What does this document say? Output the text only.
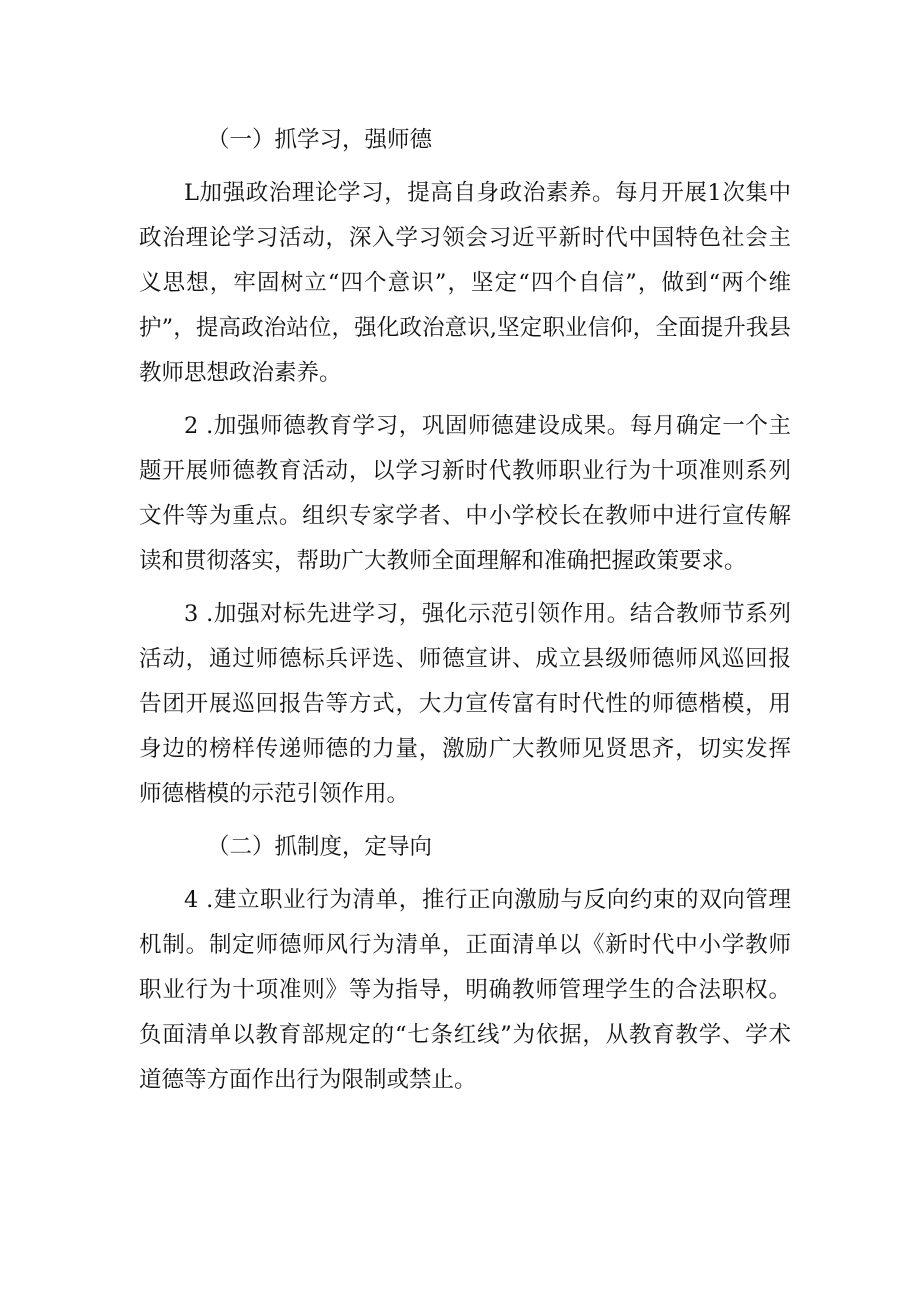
（一）抓学习，强师德

L加强政治理论学习，提高自身政治素养。每月开展1次集中政治理论学习活动，深入学习领会习近平新时代中国特色社会主义思想，牢固树立“四个意识”，坚定“四个自信”，做到“两个维护”，提高政治站位，强化政治意识,坚定职业信仰，全面提升我县教师思想政治素养。

2 .加强师德教育学习，巩固师德建设成果。每月确定一个主题开展师德教育活动，以学习新时代教师职业行为十项准则系列文件等为重点。组织专家学者、中小学校长在教师中进行宣传解读和贯彻落实，帮助广大教师全面理解和准确把握政策要求。

3 .加强对标先进学习，强化示范引领作用。结合教师节系列活动，通过师德标兵评选、师德宣讲、成立县级师德师风巡回报告团开展巡回报告等方式，大力宣传富有时代性的师德楷模，用身边的榜样传递师德的力量，激励广大教师见贤思齐，切实发挥师德楷模的示范引领作用。

（二）抓制度，定导向

4 .建立职业行为清单，推行正向激励与反向约束的双向管理机制。制定师德师风行为清单，正面清单以《新时代中小学教师职业行为十项准则》等为指导，明确教师管理学生的合法职权。负面清单以教育部规定的“七条红线”为依据，从教育教学、学术道德等方面作出行为限制或禁止。
